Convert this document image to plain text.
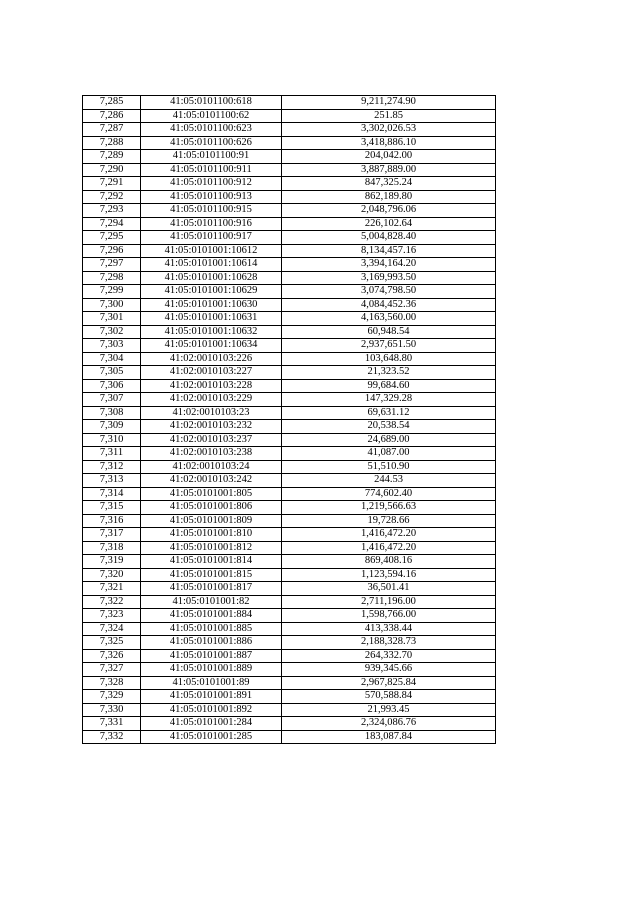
7,285	41:05:0101100:618	9,211,274.90
7,286	41:05:0101100:62	251.85
7,287	41:05:0101100:623	3,302,026.53
7,288	41:05:0101100:626	3,418,886.10
7,289	41:05:0101100:91	204,042.00
7,290	41:05:0101100:911	3,887,889.00
7,291	41:05:0101100:912	847,325.24
7,292	41:05:0101100:913	862,189.80
7,293	41:05:0101100:915	2,048,796.06
7,294	41:05:0101100:916	226,102.64
7,295	41:05:0101100:917	5,004,828.40
7,296	41:05:0101001:10612	8,134,457.16
7,297	41:05:0101001:10614	3,394,164.20
7,298	41:05:0101001:10628	3,169,993.50
7,299	41:05:0101001:10629	3,074,798.50
7,300	41:05:0101001:10630	4,084,452.36
7,301	41:05:0101001:10631	4,163,560.00
7,302	41:05:0101001:10632	60,948.54
7,303	41:05:0101001:10634	2,937,651.50
7,304	41:02:0010103:226	103,648.80
7,305	41:02:0010103:227	21,323.52
7,306	41:02:0010103:228	99,684.60
7,307	41:02:0010103:229	147,329.28
7,308	41:02:0010103:23	69,631.12
7,309	41:02:0010103:232	20,538.54
7,310	41:02:0010103:237	24,689.00
7,311	41:02:0010103:238	41,087.00
7,312	41:02:0010103:24	51,510.90
7,313	41:02:0010103:242	244.53
7,314	41:05:0101001:805	774,602.40
7,315	41:05:0101001:806	1,219,566.63
7,316	41:05:0101001:809	19,728.66
7,317	41:05:0101001:810	1,416,472.20
7,318	41:05:0101001:812	1,416,472.20
7,319	41:05:0101001:814	869,408.16
7,320	41:05:0101001:815	1,123,594.16
7,321	41:05:0101001:817	36,501.41
7,322	41:05:0101001:82	2,711,196.00
7,323	41:05:0101001:884	1,598,766.00
7,324	41:05:0101001:885	413,338.44
7,325	41:05:0101001:886	2,188,328.73
7,326	41:05:0101001:887	264,332.70
7,327	41:05:0101001:889	939,345.66
7,328	41:05:0101001:89	2,967,825.84
7,329	41:05:0101001:891	570,588.84
7,330	41:05:0101001:892	21,993.45
7,331	41:05:0101001:284	2,324,086.76
7,332	41:05:0101001:285	183,087.84
